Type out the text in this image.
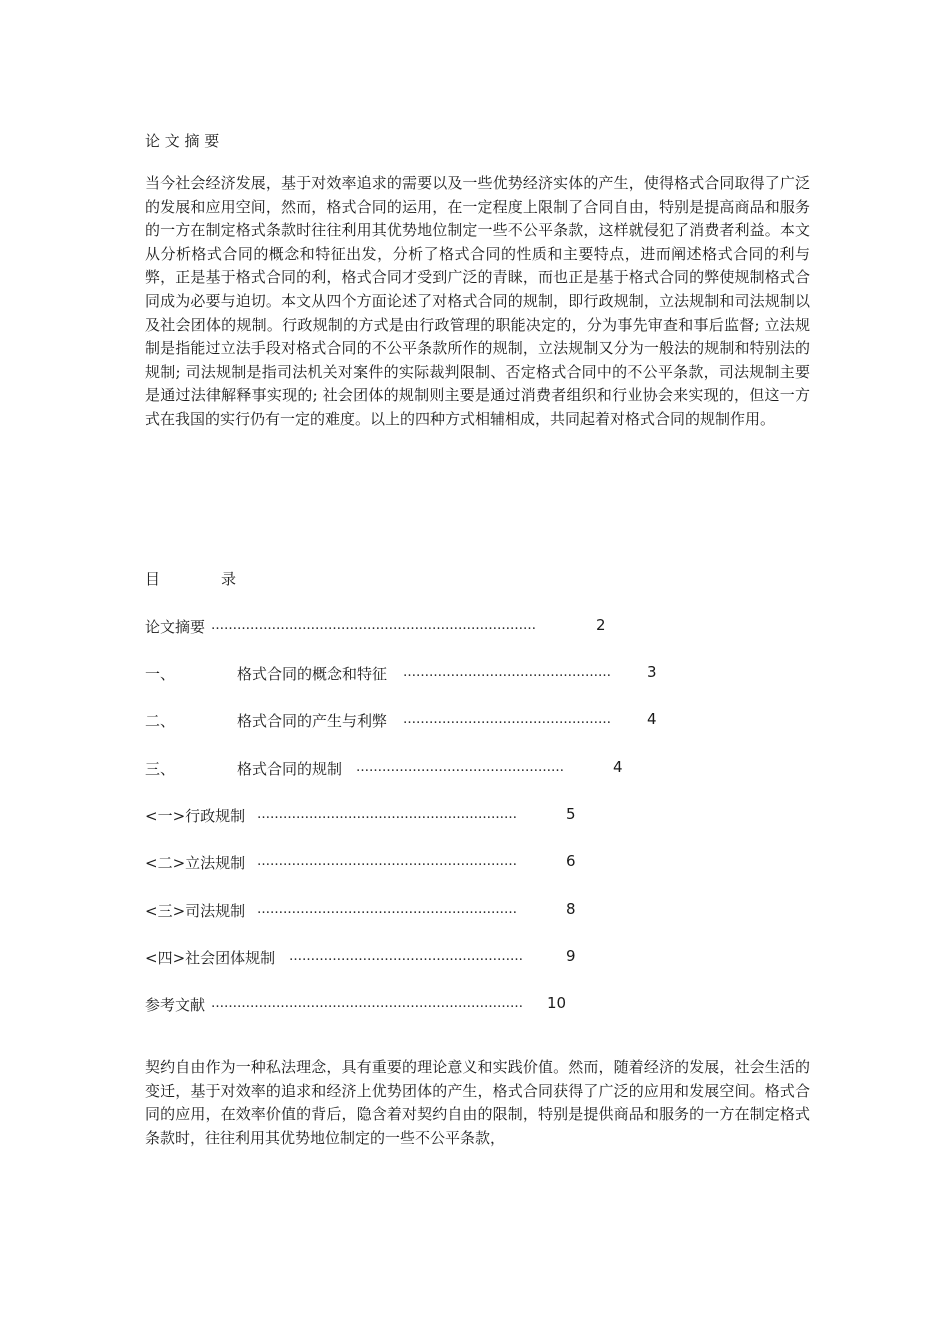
论 文 摘 要
当今社会经济发展，基于对效率追求的需要以及一些优势经济实体的产生，使得格式合同取得了广泛的发展和应用空间，然而，格式合同的运用，在一定程度上限制了合同自由，特别是提高商品和服务的一方在制定格式条款时往往利用其优势地位制定一些不公平条款，这样就侵犯了消费者利益。本文从分析格式合同的概念和特征出发，分析了格式合同的性质和主要特点，进而阐述格式合同的利与弊，正是基于格式合同的利，格式合同才受到广泛的青睐，而也正是基于格式合同的弊使规制格式合同成为必要与迫切。本文从四个方面论述了对格式合同的规制，即行政规制，立法规制和司法规制以及社会团体的规制。行政规制的方式是由行政管理的职能决定的，分为事先审查和事后监督; 立法规制是指能过立法手段对格式合同的不公平条款所作的规制，立法规制又分为一般法的规制和特别法的规制; 司法规制是指司法机关对案件的实际裁判限制、否定格式合同中的不公平条款，司法规制主要是通过法律解释事实现的; 社会团体的规制则主要是通过消费者组织和行业协会来实现的，但这一方式在我国的实行仍有一定的难度。以上的四种方式相辅相成，共同起着对格式合同的规制作用。
目	录
论文摘要 …………………………………………………………………	2
一、	格式合同的概念和特征 …………………………………………	3
二、	格式合同的产生与利弊 …………………………………………	4
三、	格式合同的规制 …………………………………………	4
<一>行政规制 ……………………………………………………	5
<二>立法规制 ……………………………………………………	6
<三>司法规制 ……………………………………………………	8
<四>社会团体规制 ………………………………………………	9
参考文献 ………………………………………………………………	10
契约自由作为一种私法理念，具有重要的理论意义和实践价值。然而，随着经济的发展，社会生活的变迁，基于对效率的追求和经济上优势团体的产生，格式合同获得了广泛的应用和发展空间。格式合同的应用，在效率价值的背后，隐含着对契约自由的限制，特别是提供商品和服务的一方在制定格式条款时，往往利用其优势地位制定的一些不公平条款，
